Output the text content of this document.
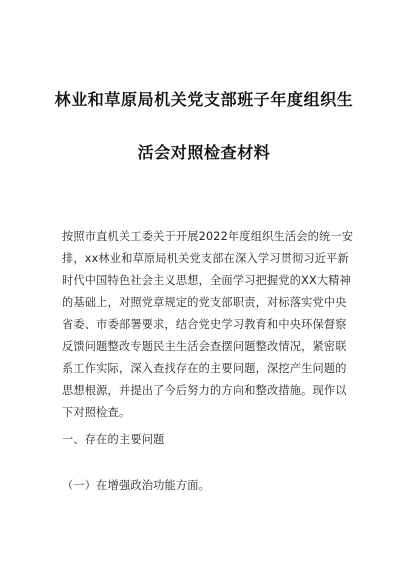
林业和草原局机关党支部班子年度组织生
活会对照检查材料
按照市直机关工委关于开展2022年度组织生活会的统一安
排，xx林业和草原局机关党支部在深入学习贯彻习近平新
时代中国特色社会主义思想，全面学习把握党的XX大精神
的基础上，对照党章规定的党支部职责，对标落实党中央
省委、市委部署要求，结合党史学习教育和中央环保督察
反馈问题整改专题民主生活会查摆问题整改情况，紧密联
系工作实际，深入查找存在的主要问题，深挖产生问题的
思想根源，并提出了今后努力的方向和整改措施。现作以
下对照检查。
一、存在的主要问题
（一）在增强政治功能方面。
